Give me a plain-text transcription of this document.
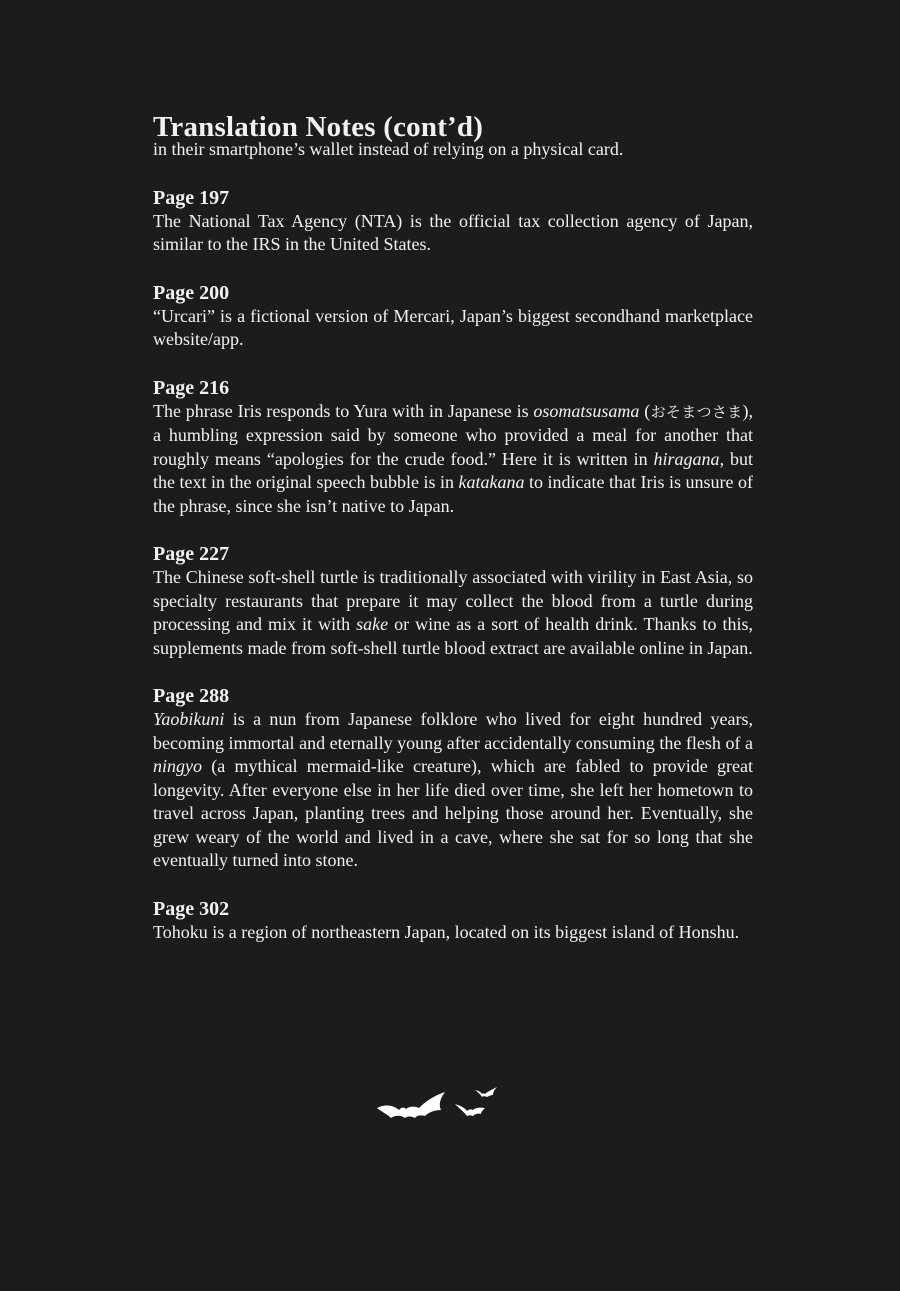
Translation Notes (cont’d)

in their smartphone’s wallet instead of relying on a physical card.

Page 197

The National Tax Agency (NTA) is the official tax collection agency of Japan, similar to the IRS in the United States.

Page 200

“Urcari” is a fictional version of Mercari, Japan’s biggest secondhand marketplace website/app.

Page 216

The phrase Iris responds to Yura with in Japanese is osomatsusama (おそまつさま), a humbling expression said by someone who provided a meal for another that roughly means “apologies for the crude food.” Here it is written in hiragana, but the text in the original speech bubble is in katakana to indicate that Iris is unsure of the phrase, since she isn’t native to Japan.

Page 227

The Chinese soft-shell turtle is traditionally associated with virility in East Asia, so specialty restaurants that prepare it may collect the blood from a turtle during processing and mix it with sake or wine as a sort of health drink. Thanks to this, supplements made from soft-shell turtle blood extract are available online in Japan.

Page 288

Yaobikuni is a nun from Japanese folklore who lived for eight hundred years, becoming immortal and eternally young after accidentally consuming the flesh of a ningyo (a mythical mermaid-like creature), which are fabled to provide great longevity. After everyone else in her life died over time, she left her hometown to travel across Japan, planting trees and helping those around her. Eventually, she grew weary of the world and lived in a cave, where she sat for so long that she eventually turned into stone.

Page 302

Tohoku is a region of northeastern Japan, located on its biggest island of Honshu.
